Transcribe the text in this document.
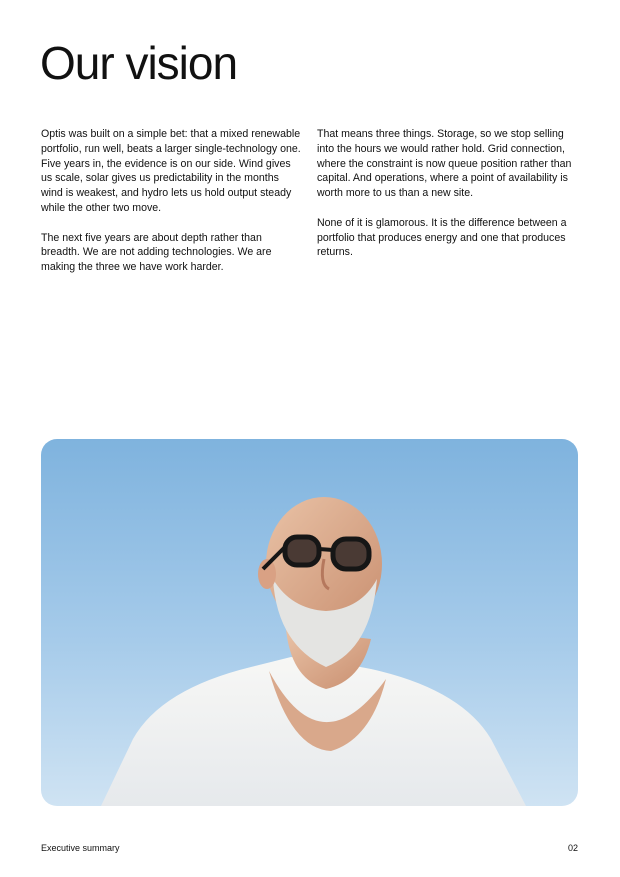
Our vision

Optis was built on a simple bet: that a mixed renewable portfolio, run well, beats a larger single-technology one. Five years in, the evidence is on our side. Wind gives us scale, solar gives us predictability in the months wind is weakest, and hydro lets us hold output steady while the other two move.

The next five years are about depth rather than breadth. We are not adding technologies. We are making the three we have work harder.

That means three things. Storage, so we stop selling into the hours we would rather hold. Grid connection, where the constraint is now queue position rather than capital. And operations, where a point of availability is worth more to us than a new site.

None of it is glamorous. It is the difference between a portfolio that produces energy and one that produces returns.

Executive summary	02
